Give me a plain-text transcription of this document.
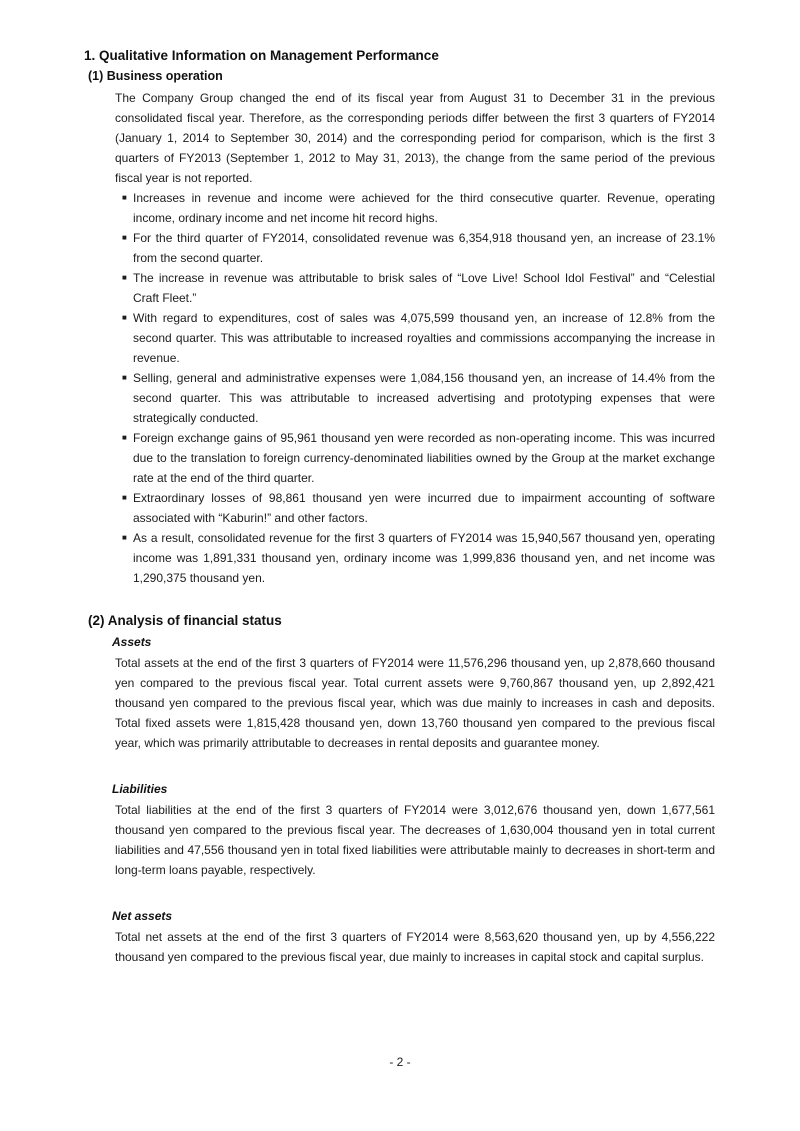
1. Qualitative Information on Management Performance
(1) Business operation

The Company Group changed the end of its fiscal year from August 31 to December 31 in the previous consolidated fiscal year. Therefore, as the corresponding periods differ between the first 3 quarters of FY2014 (January 1, 2014 to September 30, 2014) and the corresponding period for comparison, which is the first 3 quarters of FY2013 (September 1, 2012 to May 31, 2013), the change from the same period of the previous fiscal year is not reported.

■ Increases in revenue and income were achieved for the third consecutive quarter. Revenue, operating income, ordinary income and net income hit record highs.
■ For the third quarter of FY2014, consolidated revenue was 6,354,918 thousand yen, an increase of 23.1% from the second quarter.
■ The increase in revenue was attributable to brisk sales of “Love Live! School Idol Festival” and “Celestial Craft Fleet.”
■ With regard to expenditures, cost of sales was 4,075,599 thousand yen, an increase of 12.8% from the second quarter. This was attributable to increased royalties and commissions accompanying the increase in revenue.
■ Selling, general and administrative expenses were 1,084,156 thousand yen, an increase of 14.4% from the second quarter. This was attributable to increased advertising and prototyping expenses that were strategically conducted.
■ Foreign exchange gains of 95,961 thousand yen were recorded as non-operating income. This was incurred due to the translation to foreign currency-denominated liabilities owned by the Group at the market exchange rate at the end of the third quarter.
■ Extraordinary losses of 98,861 thousand yen were incurred due to impairment accounting of software associated with “Kaburin!” and other factors.
■ As a result, consolidated revenue for the first 3 quarters of FY2014 was 15,940,567 thousand yen, operating income was 1,891,331 thousand yen, ordinary income was 1,999,836 thousand yen, and net income was 1,290,375 thousand yen.
(2) Analysis of financial status
Assets

Total assets at the end of the first 3 quarters of FY2014 were 11,576,296 thousand yen, up 2,878,660 thousand yen compared to the previous fiscal year. Total current assets were 9,760,867 thousand yen, up 2,892,421 thousand yen compared to the previous fiscal year, which was due mainly to increases in cash and deposits. Total fixed assets were 1,815,428 thousand yen, down 13,760 thousand yen compared to the previous fiscal year, which was primarily attributable to decreases in rental deposits and guarantee money.

Liabilities

Total liabilities at the end of the first 3 quarters of FY2014 were 3,012,676 thousand yen, down 1,677,561 thousand yen compared to the previous fiscal year. The decreases of 1,630,004 thousand yen in total current liabilities and 47,556 thousand yen in total fixed liabilities were attributable mainly to decreases in short-term and long-term loans payable, respectively.

Net assets

Total net assets at the end of the first 3 quarters of FY2014 were 8,563,620 thousand yen, up by 4,556,222 thousand yen compared to the previous fiscal year, due mainly to increases in capital stock and capital surplus.

- 2 -
